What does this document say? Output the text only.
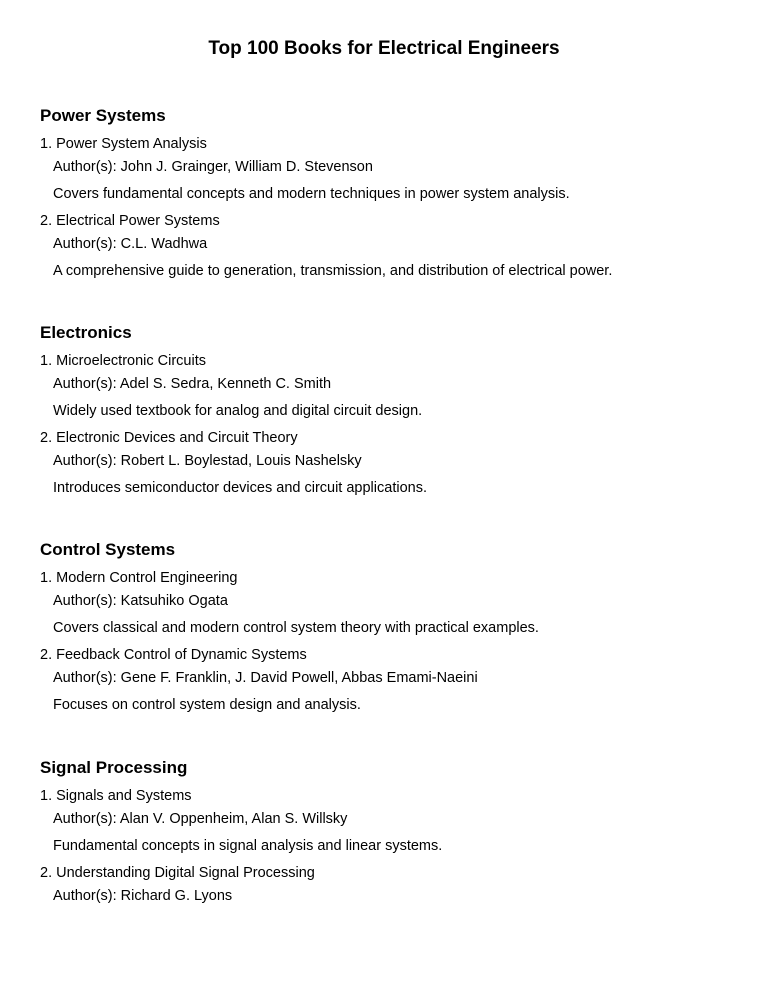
Top 100 Books for Electrical Engineers
Power Systems
1. Power System Analysis
Author(s): John J. Grainger, William D. Stevenson
Covers fundamental concepts and modern techniques in power system analysis.
2. Electrical Power Systems
Author(s): C.L. Wadhwa
A comprehensive guide to generation, transmission, and distribution of electrical power.
Electronics
1. Microelectronic Circuits
Author(s): Adel S. Sedra, Kenneth C. Smith
Widely used textbook for analog and digital circuit design.
2. Electronic Devices and Circuit Theory
Author(s): Robert L. Boylestad, Louis Nashelsky
Introduces semiconductor devices and circuit applications.
Control Systems
1. Modern Control Engineering
Author(s): Katsuhiko Ogata
Covers classical and modern control system theory with practical examples.
2. Feedback Control of Dynamic Systems
Author(s): Gene F. Franklin, J. David Powell, Abbas Emami-Naeini
Focuses on control system design and analysis.
Signal Processing
1. Signals and Systems
Author(s): Alan V. Oppenheim, Alan S. Willsky
Fundamental concepts in signal analysis and linear systems.
2. Understanding Digital Signal Processing
Author(s): Richard G. Lyons
